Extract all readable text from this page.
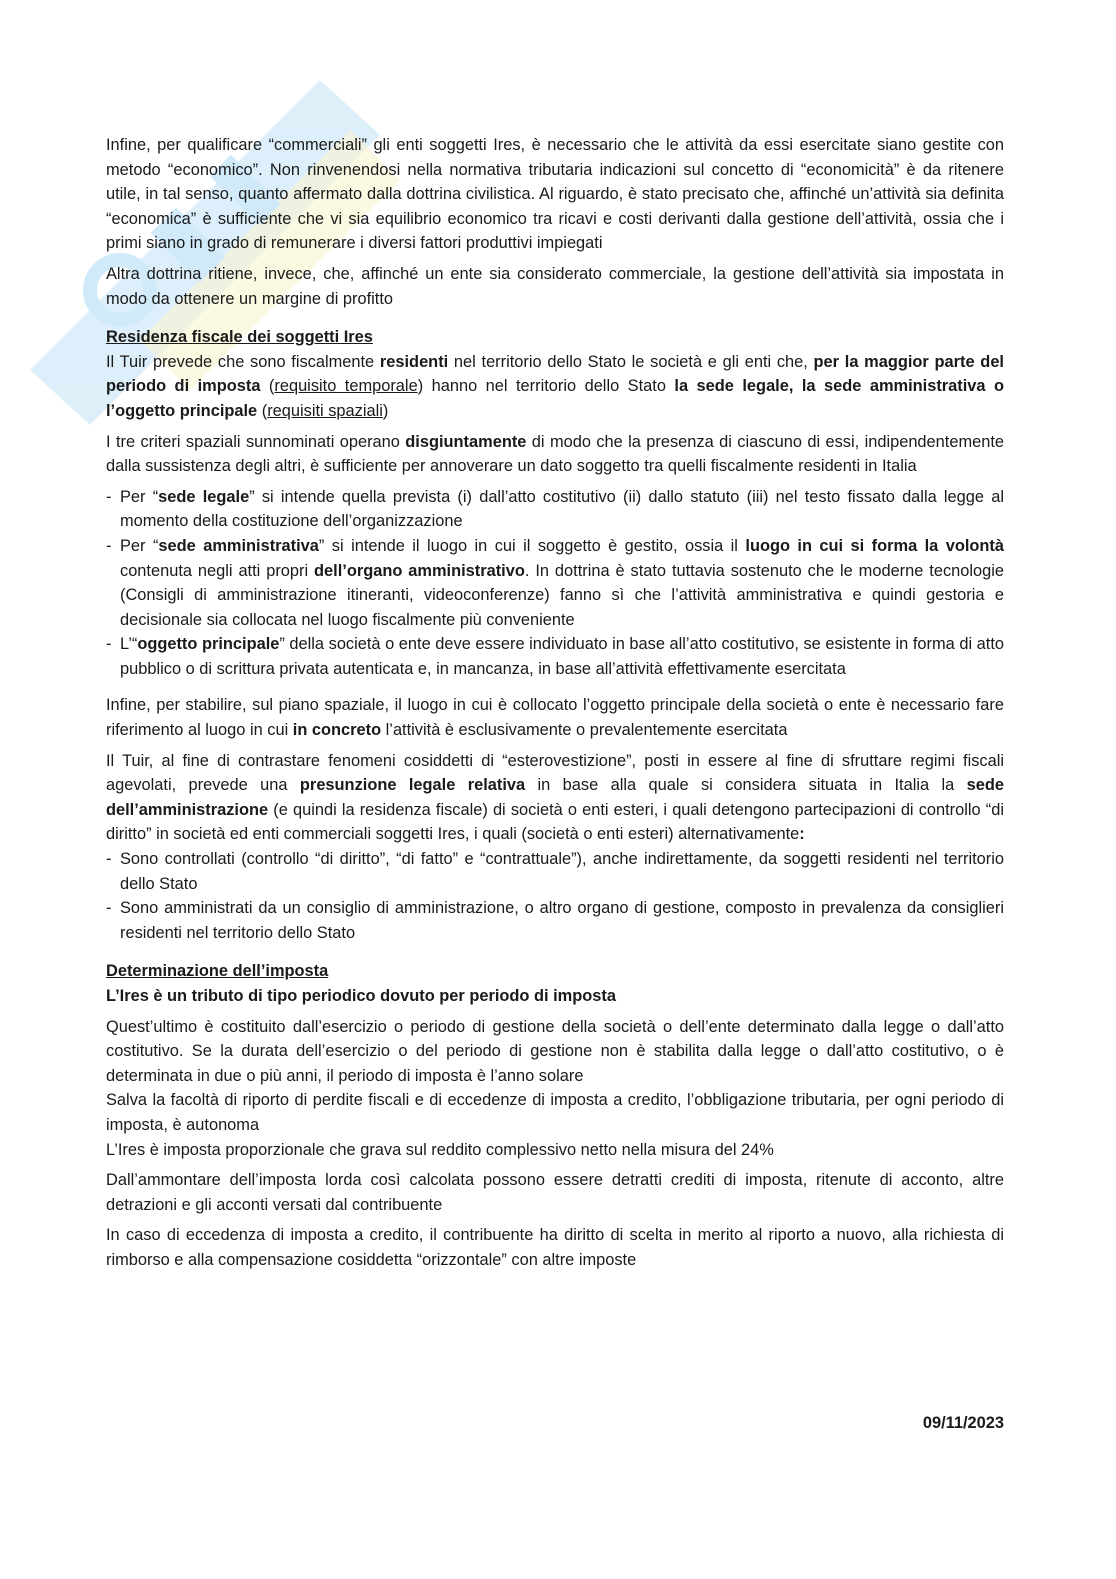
Infine, per qualificare “commerciali” gli enti soggetti Ires, è necessario che le attività da essi esercitate siano gestite con metodo “economico”. Non rinvenendosi nella normativa tributaria indicazioni sul concetto di “economicità” è da ritenere utile, in tal senso, quanto affermato dalla dottrina civilistica. Al riguardo, è stato precisato che, affinché un’attività sia definita “economica” è sufficiente che vi sia equilibrio economico tra ricavi e costi derivanti dalla gestione dell’attività, ossia che i primi siano in grado di remunerare i diversi fattori produttivi impiegati

Altra dottrina ritiene, invece, che, affinché un ente sia considerato commerciale, la gestione dell’attività sia impostata in modo da ottenere un margine di profitto

Residenza fiscale dei soggetti Ires

Il Tuir prevede che sono fiscalmente residenti nel territorio dello Stato le società e gli enti che, per la maggior parte del periodo di imposta (requisito temporale) hanno nel territorio dello Stato la sede legale, la sede amministrativa o l’oggetto principale (requisiti spaziali)

I tre criteri spaziali sunnominati operano disgiuntamente di modo che la presenza di ciascuno di essi, indipendentemente dalla sussistenza degli altri, è sufficiente per annoverare un dato soggetto tra quelli fiscalmente residenti in Italia

- Per “sede legale” si intende quella prevista (i) dall’atto costitutivo (ii) dallo statuto (iii) nel testo fissato dalla legge al momento della costituzione dell’organizzazione
- Per “sede amministrativa” si intende il luogo in cui il soggetto è gestito, ossia il luogo in cui si forma la volontà contenuta negli atti propri dell’organo amministrativo. In dottrina è stato tuttavia sostenuto che le moderne tecnologie (Consigli di amministrazione itineranti, videoconferenze) fanno sì che l’attività amministrativa e quindi gestoria e decisionale sia collocata nel luogo fiscalmente più conveniente
- L’“oggetto principale” della società o ente deve essere individuato in base all’atto costitutivo, se esistente in forma di atto pubblico o di scrittura privata autenticata e, in mancanza, in base all’attività effettivamente esercitata

Infine, per stabilire, sul piano spaziale, il luogo in cui è collocato l’oggetto principale della società o ente è necessario fare riferimento al luogo in cui in concreto l’attività è esclusivamente o prevalentemente esercitata

Il Tuir, al fine di contrastare fenomeni cosiddetti di “esterovestizione”, posti in essere al fine di sfruttare regimi fiscali agevolati, prevede una presunzione legale relativa in base alla quale si considera situata in Italia la sede dell’amministrazione (e quindi la residenza fiscale) di società o enti esteri, i quali detengono partecipazioni di controllo “di diritto” in società ed enti commerciali soggetti Ires, i quali (società o enti esteri) alternativamente:

- Sono controllati (controllo “di diritto”, “di fatto” e “contrattuale”), anche indirettamente, da soggetti residenti nel territorio dello Stato
- Sono amministrati da un consiglio di amministrazione, o altro organo di gestione, composto in prevalenza da consiglieri residenti nel territorio dello Stato
Determinazione dell’imposta
L’Ires è un tributo di tipo periodico dovuto per periodo di imposta

Quest’ultimo è costituito dall’esercizio o periodo di gestione della società o dell’ente determinato dalla legge o dall’atto costitutivo. Se la durata dell’esercizio o del periodo di gestione non è stabilita dalla legge o dall’atto costitutivo, o è determinata in due o più anni, il periodo di imposta è l’anno solare

Salva la facoltà di riporto di perdite fiscali e di eccedenze di imposta a credito, l’obbligazione tributaria, per ogni periodo di imposta, è autonoma

L’Ires è imposta proporzionale che grava sul reddito complessivo netto nella misura del 24%

Dall’ammontare dell’imposta lorda così calcolata possono essere detratti crediti di imposta, ritenute di acconto, altre detrazioni e gli acconti versati dal contribuente

In caso di eccedenza di imposta a credito, il contribuente ha diritto di scelta in merito al riporto a nuovo, alla richiesta di rimborso e alla compensazione cosiddetta “orizzontale” con altre imposte

09/11/2023
